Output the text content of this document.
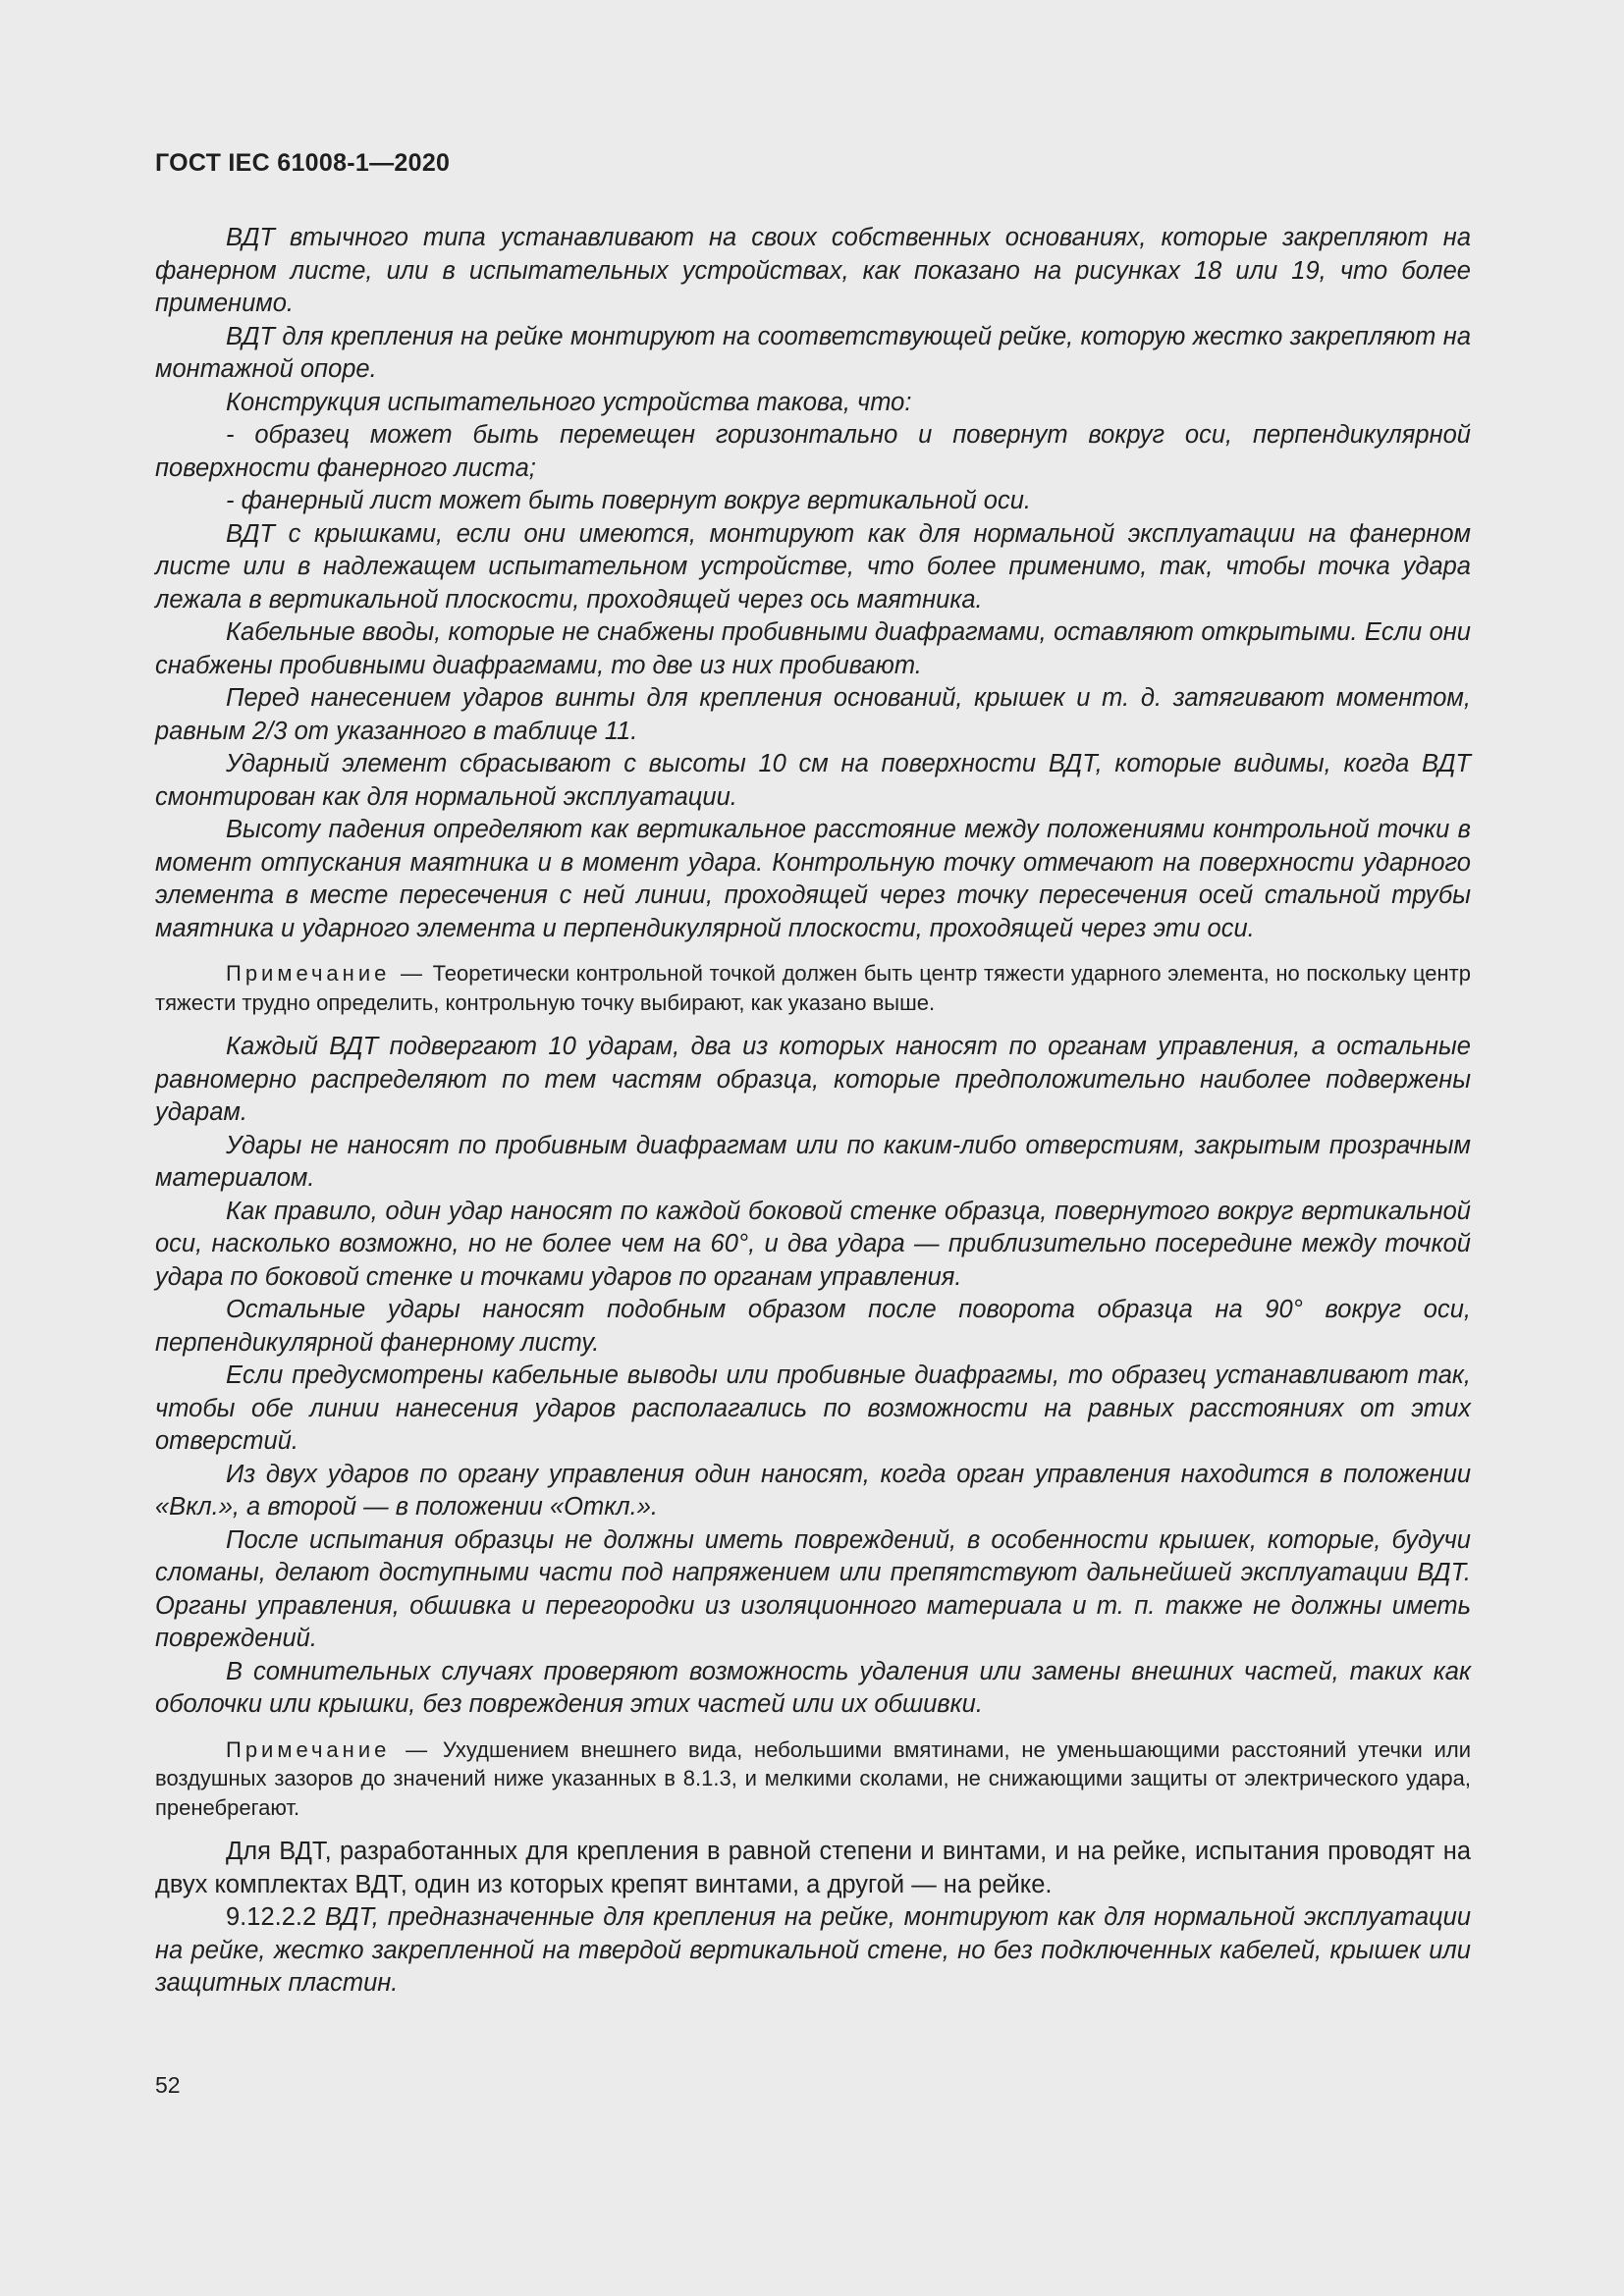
ГОСТ IEC 61008-1—2020

ВДТ втычного типа устанавливают на своих собственных основаниях, которые закрепляют на фанерном листе, или в испытательных устройствах, как показано на рисунках 18 или 19, что более применимо.

ВДТ для крепления на рейке монтируют на соответствующей рейке, которую жестко закрепляют на монтажной опоре.

Конструкция испытательного устройства такова, что:

- образец может быть перемещен горизонтально и повернут вокруг оси, перпендикулярной поверхности фанерного листа;

- фанерный лист может быть повернут вокруг вертикальной оси.

ВДТ с крышками, если они имеются, монтируют как для нормальной эксплуатации на фанерном листе или в надлежащем испытательном устройстве, что более применимо, так, чтобы точка удара лежала в вертикальной плоскости, проходящей через ось маятника.

Кабельные вводы, которые не снабжены пробивными диафрагмами, оставляют открытыми. Если они снабжены пробивными диафрагмами, то две из них пробивают.

Перед нанесением ударов винты для крепления оснований, крышек и т. д. затягивают моментом, равным 2/3 от указанного в таблице 11.

Ударный элемент сбрасывают с высоты 10 см на поверхности ВДТ, которые видимы, когда ВДТ смонтирован как для нормальной эксплуатации.

Высоту падения определяют как вертикальное расстояние между положениями контрольной точки в момент отпускания маятника и в момент удара. Контрольную точку отмечают на поверхности ударного элемента в месте пересечения с ней линии, проходящей через точку пересечения осей стальной трубы маятника и ударного элемента и перпендикулярной плоскости, проходящей через эти оси.

Примечание — Теоретически контрольной точкой должен быть центр тяжести ударного элемента, но поскольку центр тяжести трудно определить, контрольную точку выбирают, как указано выше.

Каждый ВДТ подвергают 10 ударам, два из которых наносят по органам управления, а остальные равномерно распределяют по тем частям образца, которые предположительно наиболее подвержены ударам.

Удары не наносят по пробивным диафрагмам или по каким-либо отверстиям, закрытым прозрачным материалом.

Как правило, один удар наносят по каждой боковой стенке образца, повернутого вокруг вертикальной оси, насколько возможно, но не более чем на 60°, и два удара — приблизительно посередине между точкой удара по боковой стенке и точками ударов по органам управления.

Остальные удары наносят подобным образом после поворота образца на 90° вокруг оси, перпендикулярной фанерному листу.

Если предусмотрены кабельные выводы или пробивные диафрагмы, то образец устанавливают так, чтобы обе линии нанесения ударов располагались по возможности на равных расстояниях от этих отверстий.

Из двух ударов по органу управления один наносят, когда орган управления находится в положении «Вкл.», а второй — в положении «Откл.».

После испытания образцы не должны иметь повреждений, в особенности крышек, которые, будучи сломаны, делают доступными части под напряжением или препятствуют дальнейшей эксплуатации ВДТ. Органы управления, обшивка и перегородки из изоляционного материала и т. п. также не должны иметь повреждений.

В сомнительных случаях проверяют возможность удаления или замены внешних частей, таких как оболочки или крышки, без повреждения этих частей или их обшивки.

Примечание — Ухудшением внешнего вида, небольшими вмятинами, не уменьшающими расстояний утечки или воздушных зазоров до значений ниже указанных в 8.1.3, и мелкими сколами, не снижающими защиты от электрического удара, пренебрегают.

Для ВДТ, разработанных для крепления в равной степени и винтами, и на рейке, испытания проводят на двух комплектах ВДТ, один из которых крепят винтами, а другой — на рейке.

9.12.2.2 ВДТ, предназначенные для крепления на рейке, монтируют как для нормальной эксплуатации на рейке, жестко закрепленной на твердой вертикальной стене, но без подключенных кабелей, крышек или защитных пластин.

52
